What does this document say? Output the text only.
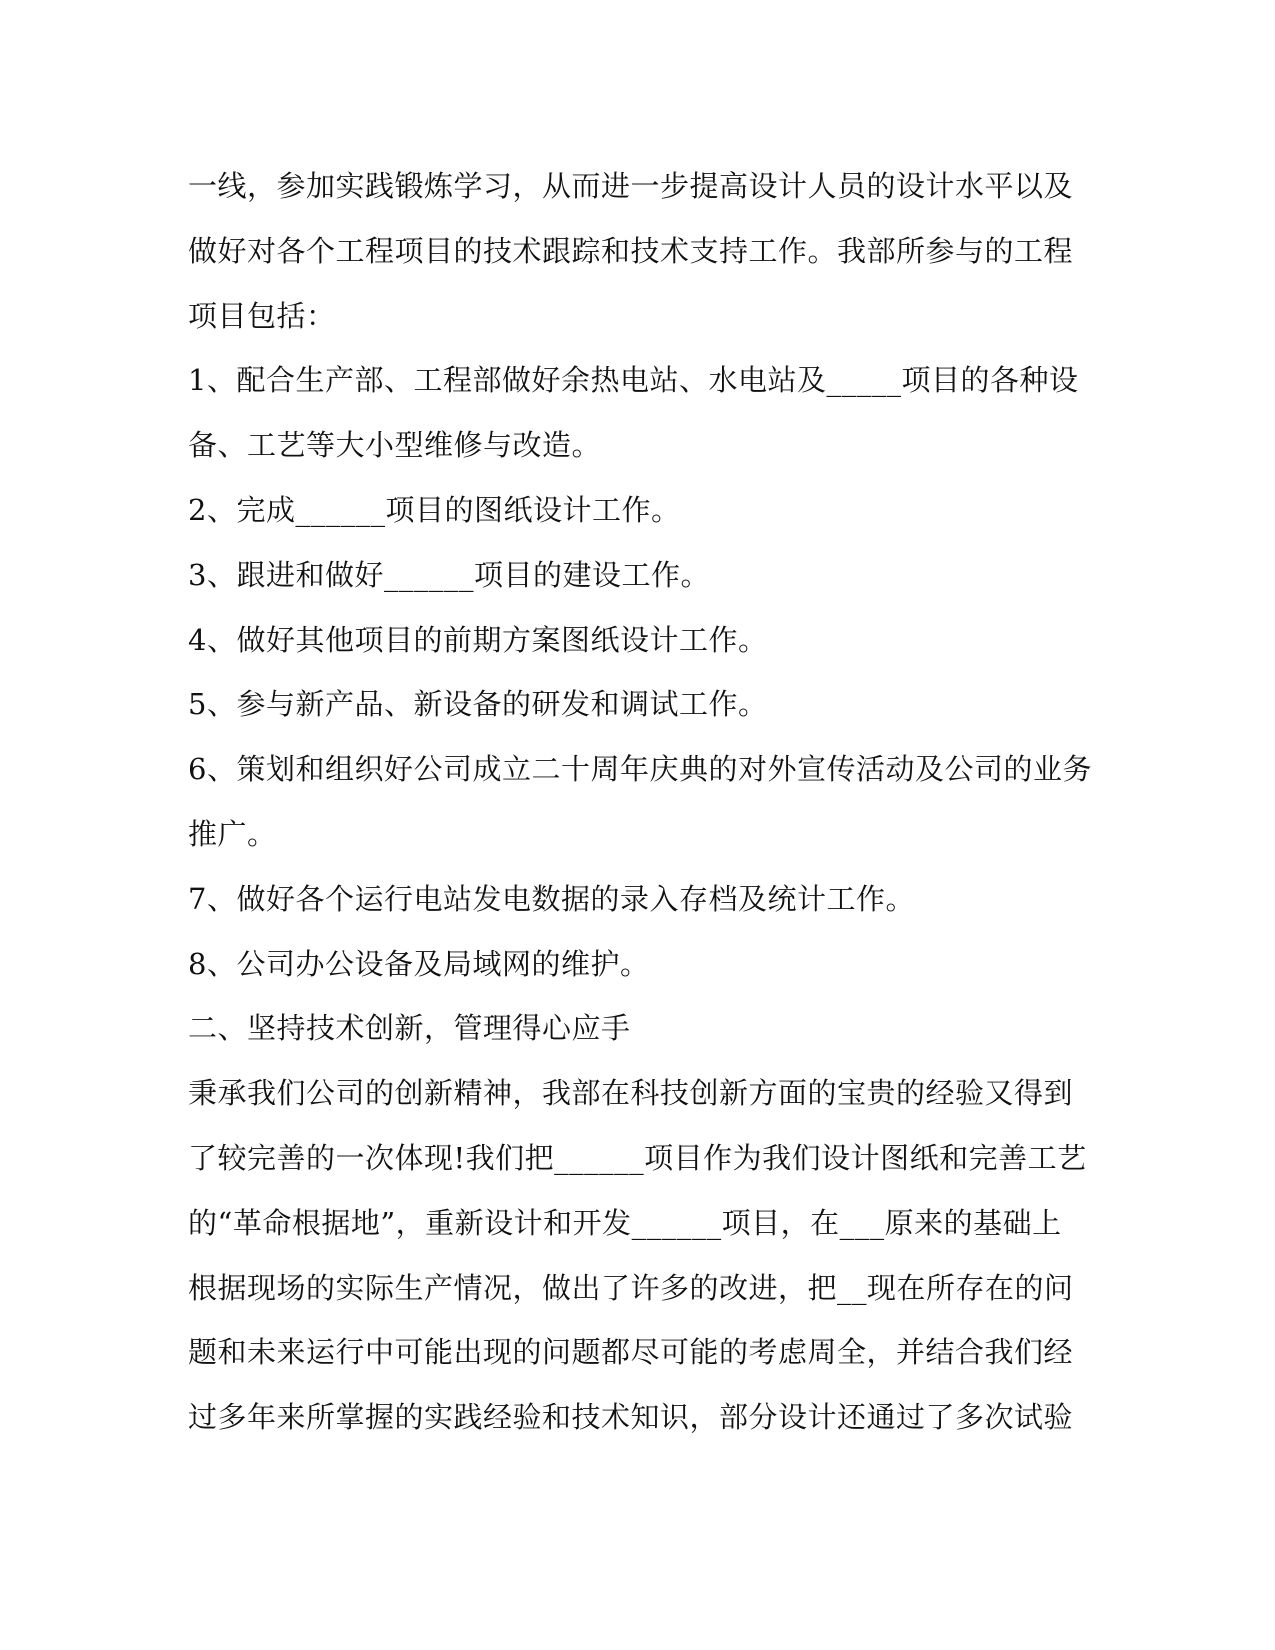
一线，参加实践锻炼学习，从而进一步提高设计人员的设计水平以及
做好对各个工程项目的技术跟踪和技术支持工作。我部所参与的工程
项目包括：
1、配合生产部、工程部做好余热电站、水电站及_____项目的各种设
备、工艺等大小型维修与改造。
2、完成______项目的图纸设计工作。
3、跟进和做好______项目的建设工作。
4、做好其他项目的前期方案图纸设计工作。
5、参与新产品、新设备的研发和调试工作。
6、策划和组织好公司成立二十周年庆典的对外宣传活动及公司的业务
推广。
7、做好各个运行电站发电数据的录入存档及统计工作。
8、公司办公设备及局域网的维护。
二、坚持技术创新，管理得心应手
秉承我们公司的创新精神，我部在科技创新方面的宝贵的经验又得到
了较完善的一次体现!我们把______项目作为我们设计图纸和完善工艺
的“革命根据地”，重新设计和开发______项目，在___原来的基础上
根据现场的实际生产情况，做出了许多的改进，把__现在所存在的问
题和未来运行中可能出现的问题都尽可能的考虑周全，并结合我们经
过多年来所掌握的实践经验和技术知识，部分设计还通过了多次试验
